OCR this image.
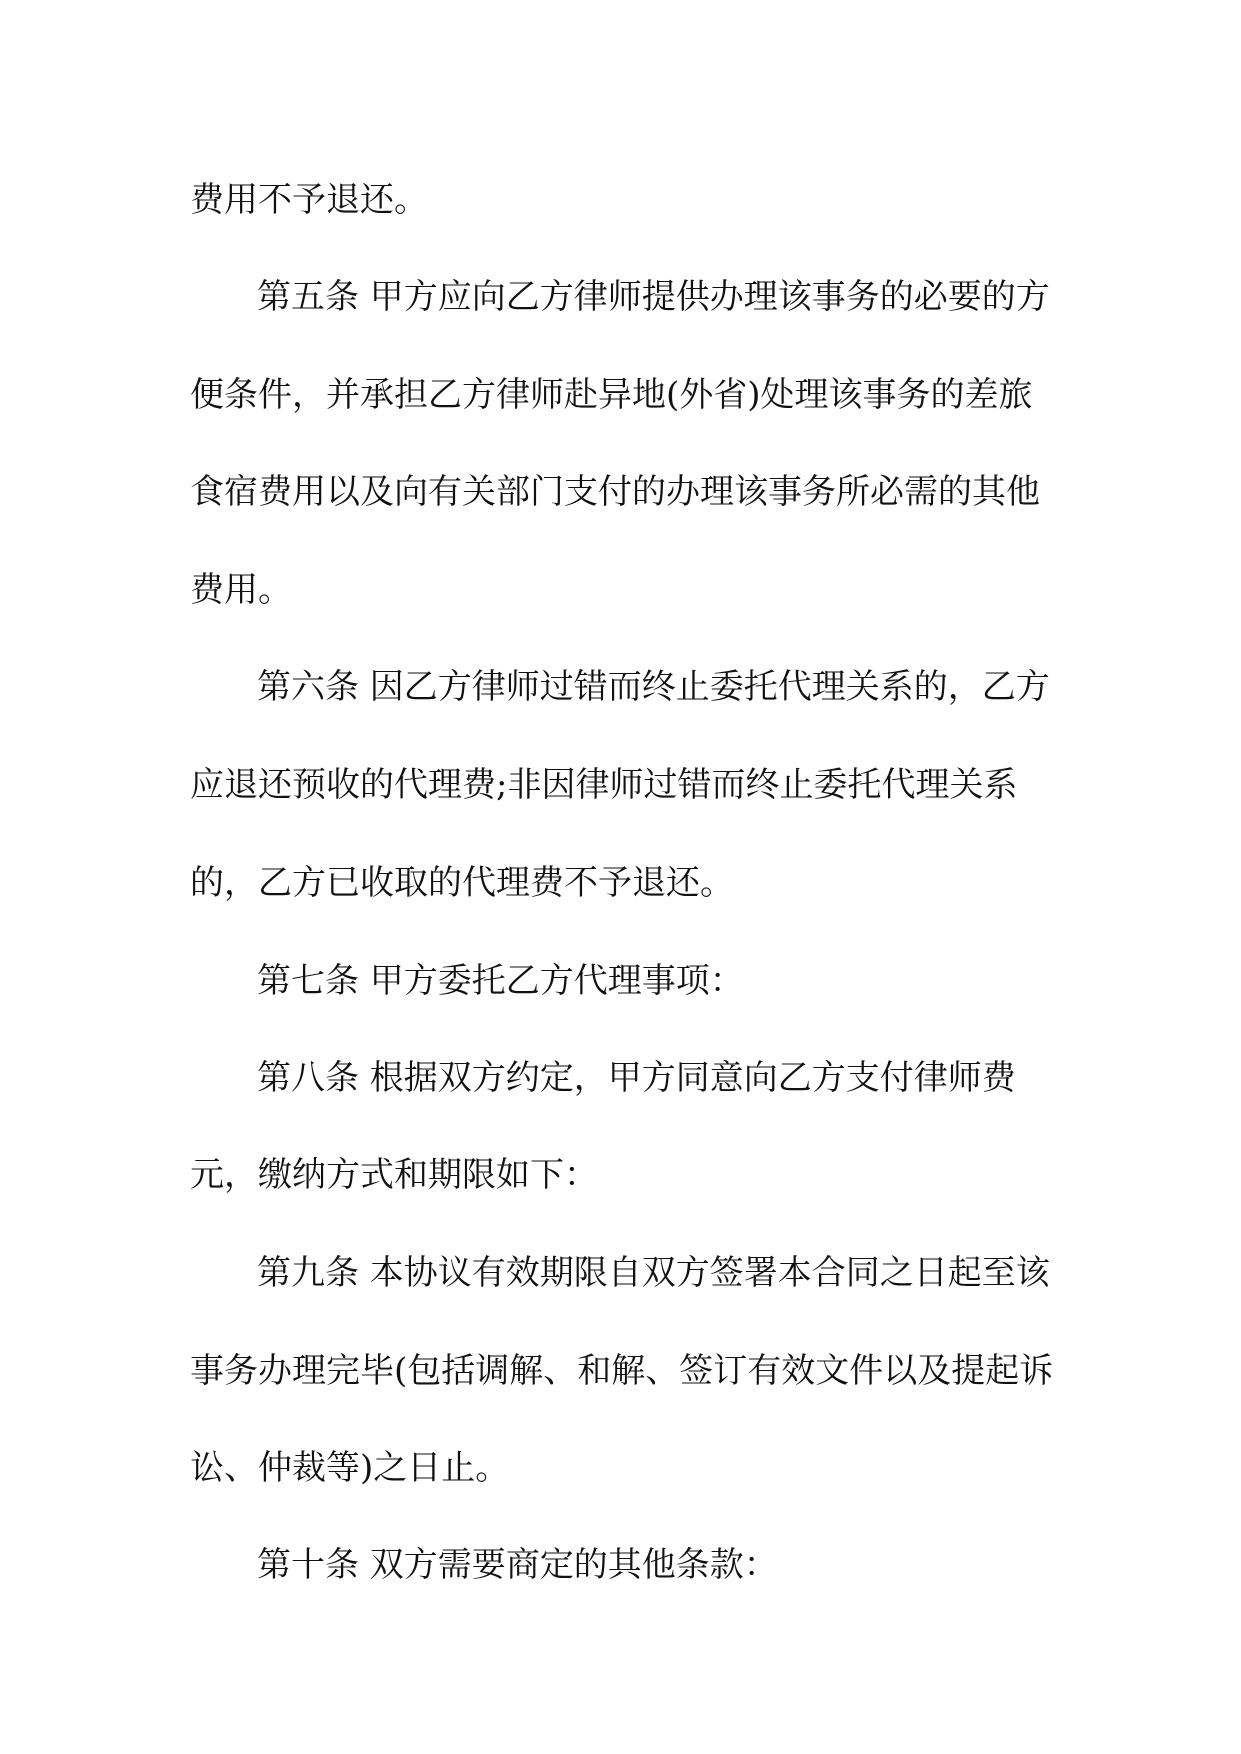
费用不予退还。
第五条 甲方应向乙方律师提供办理该事务的必要的方
便条件，并承担乙方律师赴异地(外省)处理该事务的差旅
食宿费用以及向有关部门支付的办理该事务所必需的其他
费用。
第六条 因乙方律师过错而终止委托代理关系的，乙方
应退还预收的代理费;非因律师过错而终止委托代理关系
的，乙方已收取的代理费不予退还。
第七条 甲方委托乙方代理事项：
第八条 根据双方约定，甲方同意向乙方支付律师费
元，缴纳方式和期限如下：
第九条 本协议有效期限自双方签署本合同之日起至该
事务办理完毕(包括调解、和解、签订有效文件以及提起诉
讼、仲裁等)之日止。
第十条 双方需要商定的其他条款：
